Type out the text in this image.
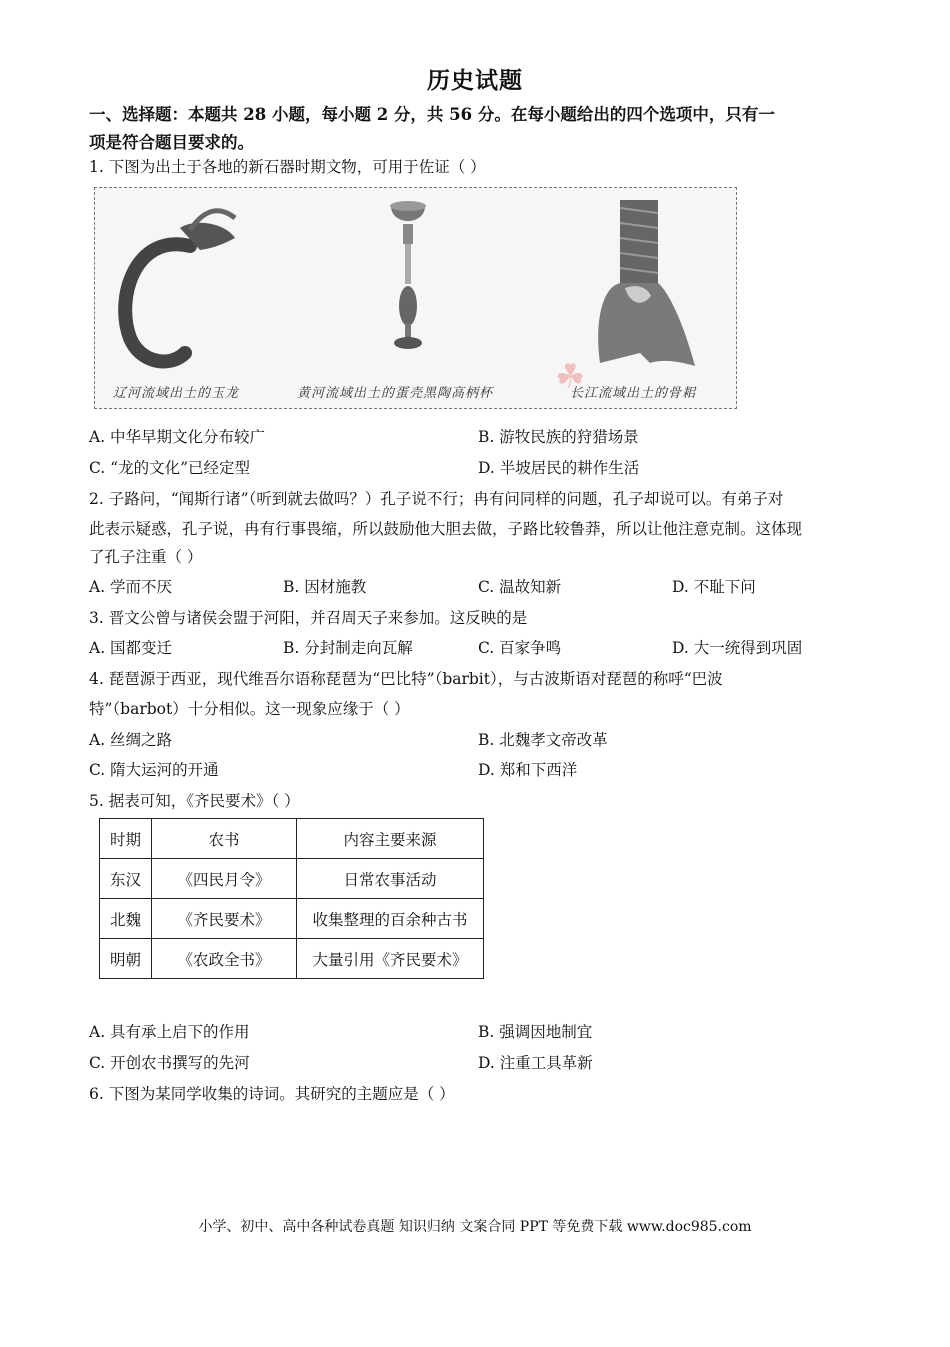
历史试题
一、选择题：本题共 28 小题，每小题 2 分，共 56 分。在每小题给出的四个选项中，只有一
项是符合题目要求的。
1. 下图为出土于各地的新石器时期文物，可用于佐证（ ）
☘
辽河流域出土的玉龙	黄河流域出土的蛋壳黑陶高柄杯	长江流域出土的骨耜
A. 中华早期文化分布较广	B. 游牧民族的狩猎场景
C. “龙的文化”已经定型	D. 半坡居民的耕作生活
2. 子路问，“闻斯行诸”（听到就去做吗？）孔子说不行；冉有问同样的问题，孔子却说可以。有弟子对
此表示疑惑，孔子说，冉有行事畏缩，所以鼓励他大胆去做，子路比较鲁莽，所以让他注意克制。这体现
了孔子注重（ ）
A. 学而不厌	B. 因材施教	C. 温故知新	D. 不耻下问
3. 晋文公曾与诸侯会盟于河阳，并召周天子来参加。这反映的是
A. 国都变迁	B. 分封制走向瓦解	C. 百家争鸣	D. 大一统得到巩固
4. 琵琶源于西亚，现代维吾尔语称琵琶为“巴比特”（barbit），与古波斯语对琵琶的称呼“巴波
特”（barbot）十分相似。这一现象应缘于（ ）
A. 丝绸之路	B. 北魏孝文帝改革
C. 隋大运河的开通	D. 郑和下西洋
5. 据表可知，《齐民要术》（ ）
时期	农书	内容主要来源
东汉	《四民月令》	日常农事活动
北魏	《齐民要术》	收集整理的百余种古书
明朝	《农政全书》	大量引用《齐民要术》
A. 具有承上启下的作用	B. 强调因地制宜
C. 开创农书撰写的先河	D. 注重工具革新
6. 下图为某同学收集的诗词。其研究的主题应是（ ）
小学、初中、高中各种试卷真题 知识归纳 文案合同 PPT 等免费下载 www.doc985.com
